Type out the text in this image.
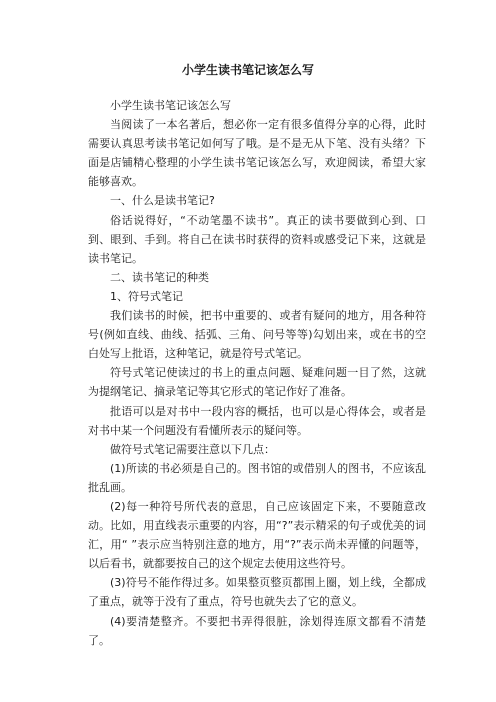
小学生读书笔记该怎么写

小学生读书笔记该怎么写

当阅读了一本名著后，想必你一定有很多值得分享的心得，此时需要认真思考读书笔记如何写了哦。是不是无从下笔、没有头绪？下面是店铺精心整理的小学生读书笔记该怎么写，欢迎阅读，希望大家能够喜欢。

一、什么是读书笔记?

俗话说得好，“不动笔墨不读书”。真正的读书要做到心到、口到、眼到、手到。将自己在读书时获得的资料或感受记下来，这就是读书笔记。

二、读书笔记的种类

1、符号式笔记

我们读书的时候，把书中重要的、或者有疑问的地方，用各种符号(例如直线、曲线、括弧、三角、问号等等)勾划出来，或在书的空白处写上批语，这种笔记，就是符号式笔记。

符号式笔记使读过的书上的重点问题、疑难问题一目了然，这就为提纲笔记、摘录笔记等其它形式的笔记作好了准备。

批语可以是对书中一段内容的概括，也可以是心得体会，或者是对书中某一个问题没有看懂所表示的疑问等。

做符号式笔记需要注意以下几点：

(1)所读的书必须是自己的。图书馆的或借别人的图书，不应该乱批乱画。

(2)每一种符号所代表的意思，自己应该固定下来，不要随意改动。比如，用直线表示重要的内容，用“?”表示精采的句子或优美的词汇，用“ ”表示应当特别注意的地方，用“?”表示尚未弄懂的问题等，以后看书，就都要按自己的这个规定去使用这些符号。

(3)符号不能作得过多。如果整页整页都围上圈，划上线，全都成了重点，就等于没有了重点，符号也就失去了它的意义。

(4)要清楚整齐。不要把书弄得很脏，涂划得连原文都看不清楚了。
